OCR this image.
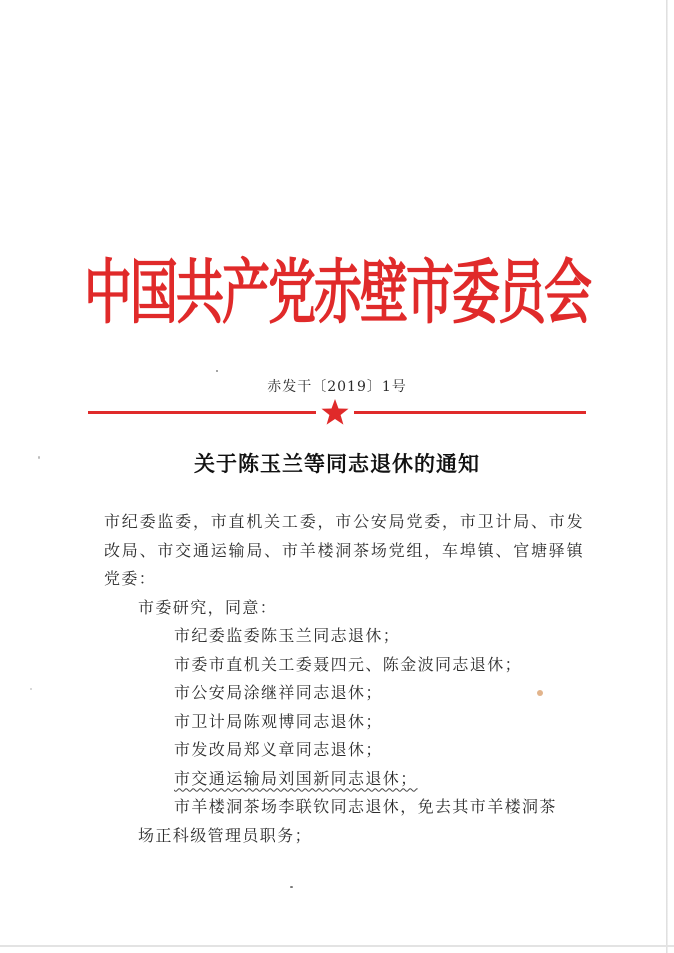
中国共产党赤壁市委员会
赤发干〔2019〕1号
关于陈玉兰等同志退休的通知

市纪委监委，市直机关工委，市公安局党委，市卫计局、市发改局、市交通运输局、市羊楼洞茶场党组，车埠镇、官塘驿镇党委：

市委研究，同意：

市纪委监委陈玉兰同志退休；

市委市直机关工委聂四元、陈金波同志退休；

市公安局涂继祥同志退休；

市卫计局陈观博同志退休；

市发改局郑义章同志退休；

市交通运输局刘国新同志退休；

市羊楼洞茶场李联钦同志退休，免去其市羊楼洞茶

场正科级管理员职务；
